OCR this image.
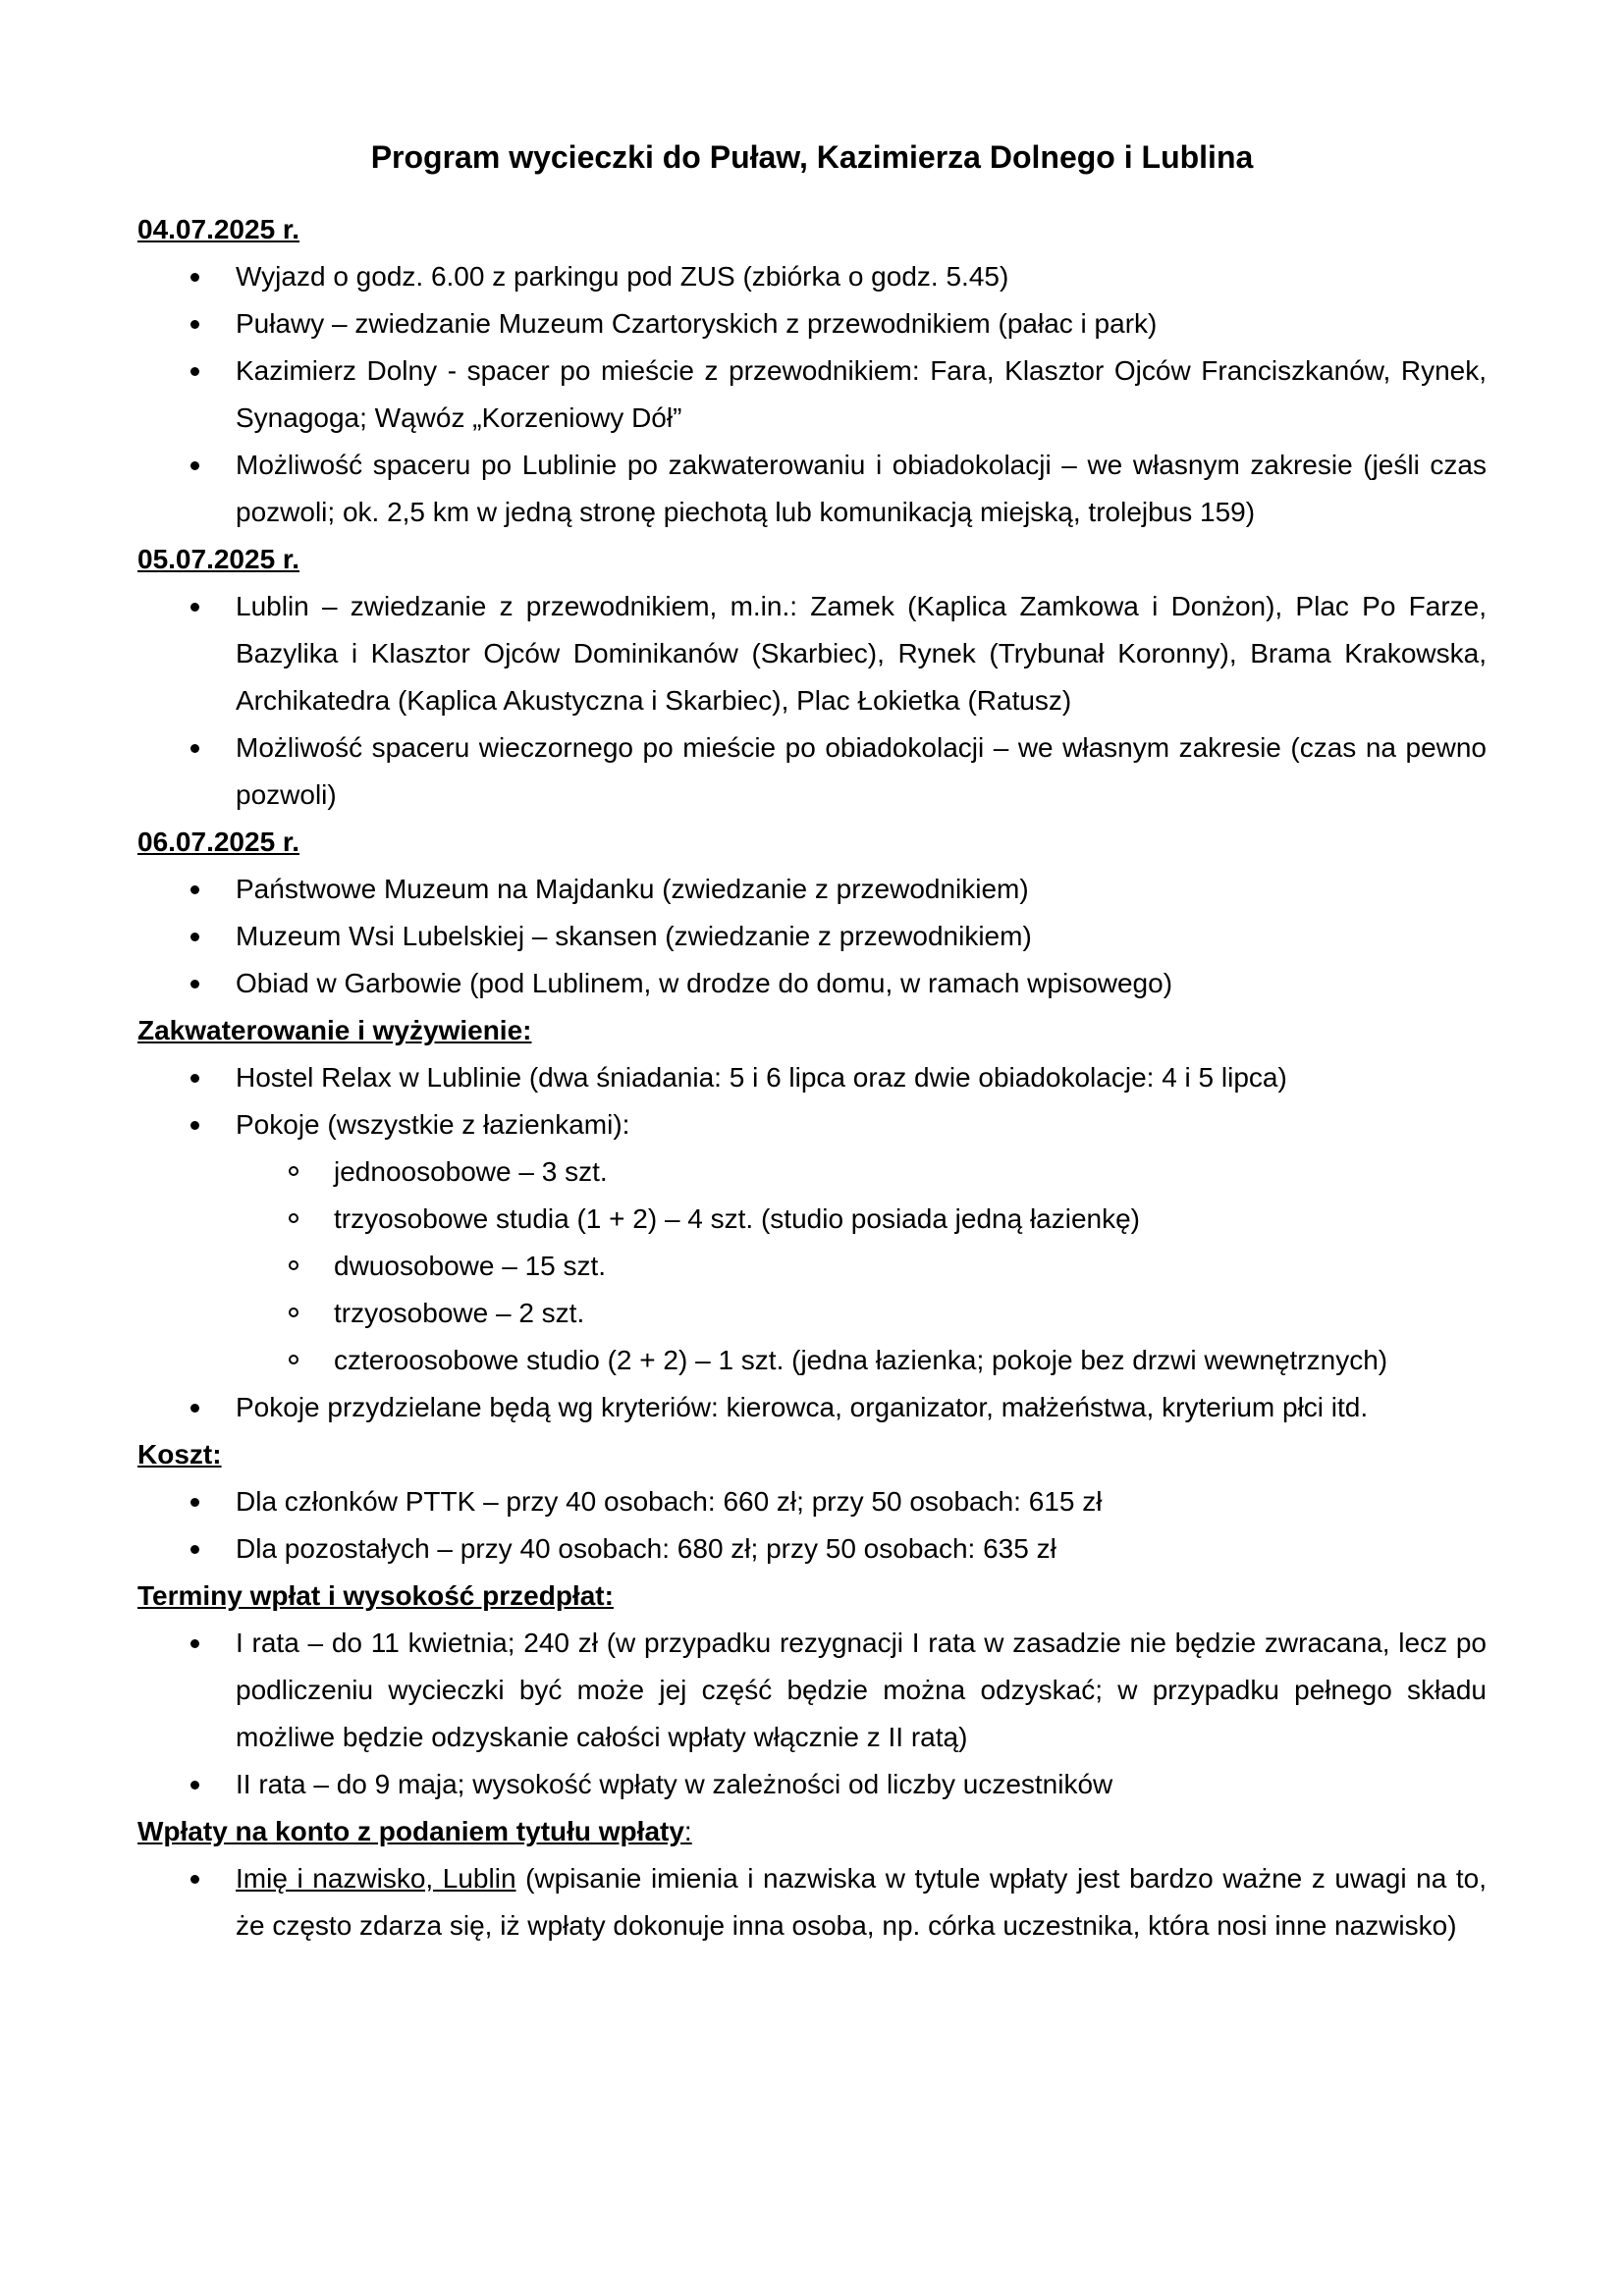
Program wycieczki do Puław, Kazimierza Dolnego i Lublina

04.07.2025 r.

Wyjazd o godz. 6.00 z parkingu pod ZUS (zbiórka o godz. 5.45)
Puławy – zwiedzanie Muzeum Czartoryskich z przewodnikiem (pałac i park)
Kazimierz Dolny - spacer po mieście z przewodnikiem: Fara, Klasztor Ojców Franciszkanów, Rynek, Synagoga; Wąwóz „Korzeniowy Dół”
Możliwość spaceru po Lublinie po zakwaterowaniu i obiadokolacji – we własnym zakresie (jeśli czas pozwoli; ok. 2,5 km w jedną stronę piechotą lub komunikacją miejską, trolejbus 159)

05.07.2025 r.

Lublin – zwiedzanie z przewodnikiem, m.in.: Zamek (Kaplica Zamkowa i Donżon), Plac Po Farze, Bazylika i Klasztor Ojców Dominikanów (Skarbiec), Rynek (Trybunał Koronny), Brama Krakowska, Archikatedra (Kaplica Akustyczna i Skarbiec), Plac Łokietka (Ratusz)
Możliwość spaceru wieczornego po mieście po obiadokolacji – we własnym zakresie (czas na pewno pozwoli)

06.07.2025 r.

Państwowe Muzeum na Majdanku (zwiedzanie z przewodnikiem)
Muzeum Wsi Lubelskiej – skansen (zwiedzanie z przewodnikiem)
Obiad w Garbowie (pod Lublinem, w drodze do domu, w ramach wpisowego)

Zakwaterowanie i wyżywienie:

Hostel Relax w Lublinie (dwa śniadania: 5 i 6 lipca oraz dwie obiadokolacje: 4 i 5 lipca)
Pokoje (wszystkie z łazienkami):
jednoosobowe – 3 szt.
trzyosobowe studia (1 + 2) – 4 szt. (studio posiada jedną łazienkę)
dwuosobowe – 15 szt.
trzyosobowe – 2 szt.
czteroosobowe studio (2 + 2) – 1 szt. (jedna łazienka; pokoje bez drzwi wewnętrznych)
Pokoje przydzielane będą wg kryteriów: kierowca, organizator, małżeństwa, kryterium płci itd.

Koszt:

Dla członków PTTK – przy 40 osobach: 660 zł; przy 50 osobach: 615 zł
Dla pozostałych – przy 40 osobach: 680 zł; przy 50 osobach: 635 zł

Terminy wpłat i wysokość przedpłat:

I rata – do 11 kwietnia; 240 zł (w przypadku rezygnacji I rata w zasadzie nie będzie zwracana, lecz po podliczeniu wycieczki być może jej część będzie można odzyskać; w przypadku pełnego składu możliwe będzie odzyskanie całości wpłaty włącznie z II ratą)
II rata – do 9 maja; wysokość wpłaty w zależności od liczby uczestników

Wpłaty na konto z podaniem tytułu wpłaty:

Imię i nazwisko, Lublin (wpisanie imienia i nazwiska w tytule wpłaty jest bardzo ważne z uwagi na to, że często zdarza się, iż wpłaty dokonuje inna osoba, np. córka uczestnika, która nosi inne nazwisko)
